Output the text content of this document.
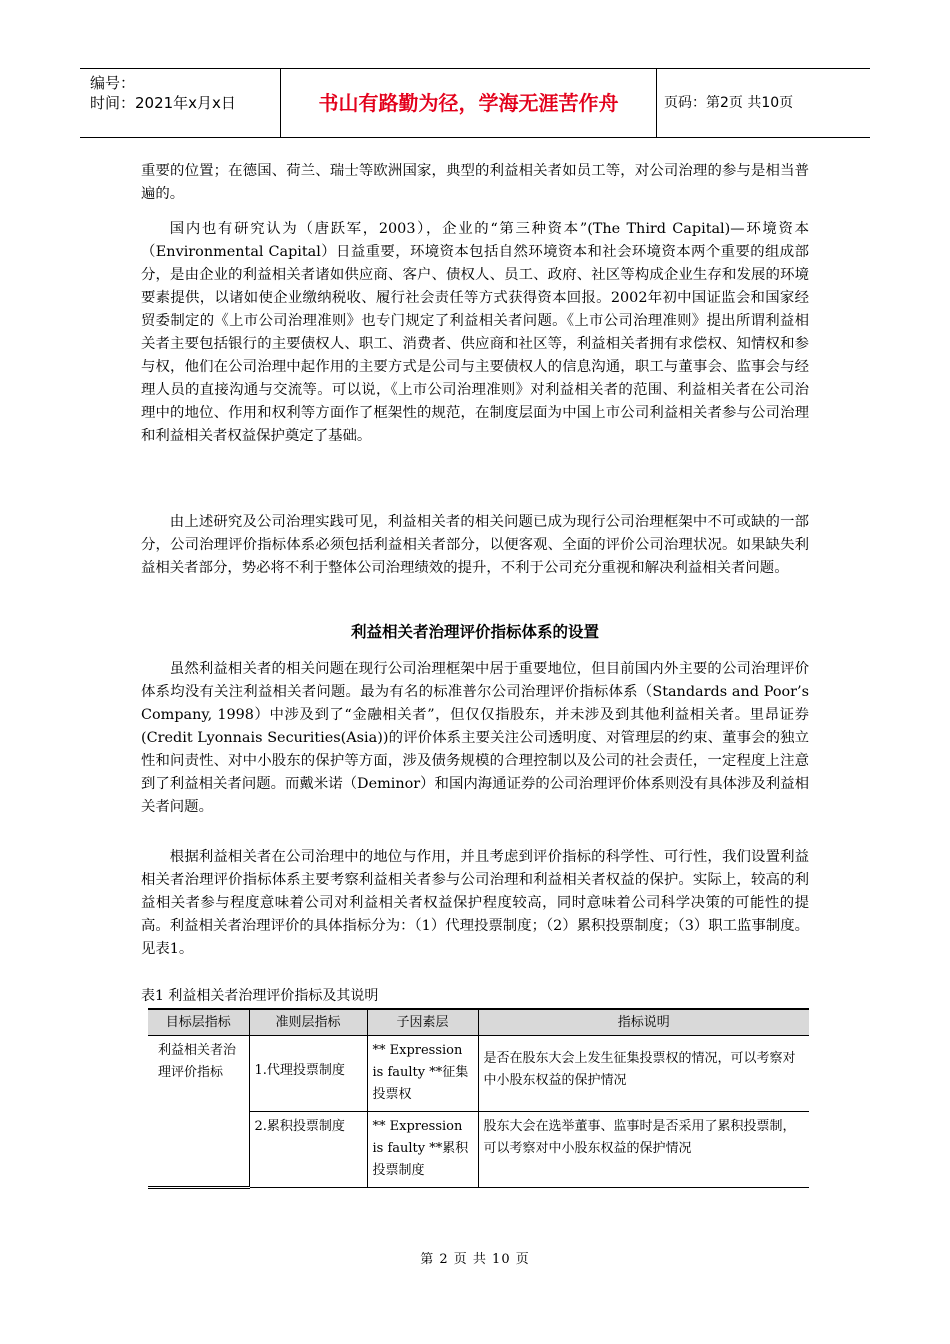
编号：
时间：2021年x月x日	书山有路勤为径，学海无涯苦作舟	页码：第2页 共10页
重要的位置；在德国、荷兰、瑞士等欧洲国家，典型的利益相关者如员工等，对公司治理的参与是相当普遍的。
国内也有研究认为（唐跃军，2003），企业的“第三种资本”(The Third Capital)—环境资本（Environmental Capital）日益重要，环境资本包括自然环境资本和社会环境资本两个重要的组成部分，是由企业的利益相关者诸如供应商、客户、债权人、员工、政府、社区等构成企业生存和发展的环境要素提供，以诸如使企业缴纳税收、履行社会责任等方式获得资本回报。2002年初中国证监会和国家经贸委制定的《上市公司治理准则》也专门规定了利益相关者问题。《上市公司治理准则》提出所谓利益相关者主要包括银行的主要债权人、职工、消费者、供应商和社区等，利益相关者拥有求偿权、知情权和参与权，他们在公司治理中起作用的主要方式是公司与主要债权人的信息沟通，职工与董事会、监事会与经理人员的直接沟通与交流等。可以说，《上市公司治理准则》对利益相关者的范围、利益相关者在公司治理中的地位、作用和权利等方面作了框架性的规范，在制度层面为中国上市公司利益相关者参与公司治理和利益相关者权益保护奠定了基础。
由上述研究及公司治理实践可见，利益相关者的相关问题已成为现行公司治理框架中不可或缺的一部分，公司治理评价指标体系必须包括利益相关者部分，以便客观、全面的评价公司治理状况。如果缺失利益相关者部分，势必将不利于整体公司治理绩效的提升，不利于公司充分重视和解决利益相关者问题。
利益相关者治理评价指标体系的设置
虽然利益相关者的相关问题在现行公司治理框架中居于重要地位，但目前国内外主要的公司治理评价体系均没有关注利益相关者问题。最为有名的标准普尔公司治理评价指标体系（Standards and Poor’s Company, 1998）中涉及到了“金融相关者”，但仅仅指股东，并未涉及到其他利益相关者。里昂证券(Credit Lyonnais Securities(Asia))的评价体系主要关注公司透明度、对管理层的约束、董事会的独立性和问责性、对中小股东的保护等方面，涉及债务规模的合理控制以及公司的社会责任，一定程度上注意到了利益相关者问题。而戴米诺（Deminor）和国内海通证券的公司治理评价体系则没有具体涉及利益相关者问题。
根据利益相关者在公司治理中的地位与作用，并且考虑到评价指标的科学性、可行性，我们设置利益相关者治理评价指标体系主要考察利益相关者参与公司治理和利益相关者权益的保护。实际上，较高的利益相关者参与程度意味着公司对利益相关者权益保护程度较高，同时意味着公司科学决策的可能性的提高。利益相关者治理评价的具体指标分为：（1）代理投票制度；（2）累积投票制度；（3）职工监事制度。见表1。
表1 利益相关者治理评价指标及其说明
目标层指标	准则层指标	子因素层	指标说明
利益相关者治理评价指标	1.代理投票制度	** Expression is faulty **征集投票权	是否在股东大会上发生征集投票权的情况，可以考察对中小股东权益的保护情况
	2.累积投票制度	** Expression is faulty **累积投票制度	股东大会在选举董事、监事时是否采用了累积投票制，可以考察对中小股东权益的保护情况
第 2 页 共 10 页
